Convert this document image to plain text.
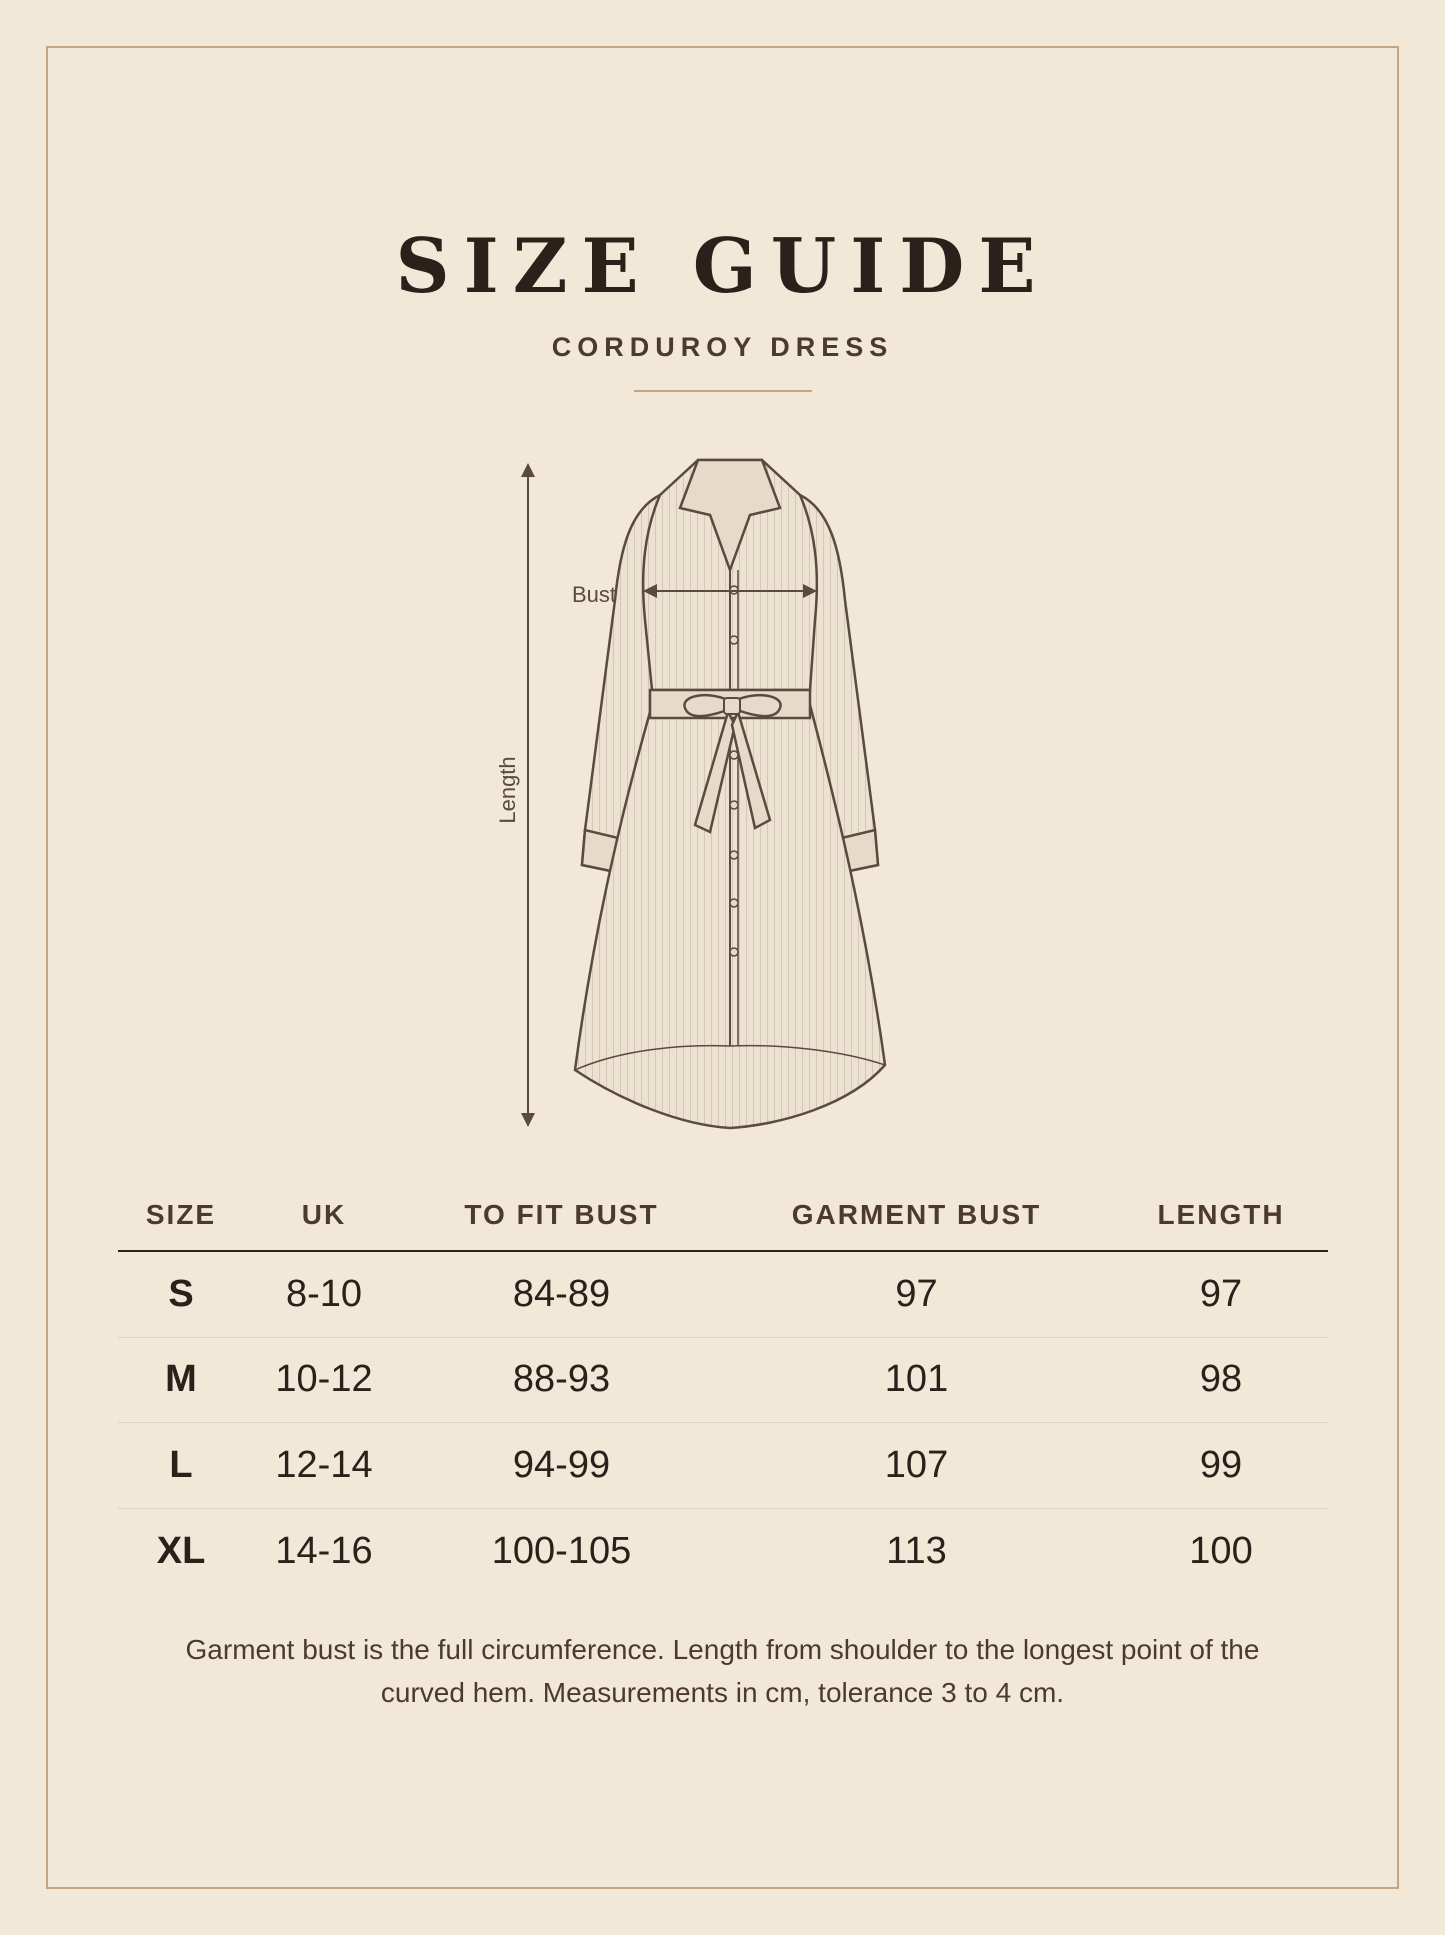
SIZE GUIDE
CORDUROY DRESS
Length
Bust
SIZE	UK	TO FIT BUST	GARMENT BUST	LENGTH
S	8-10	84-89	97	97
M	10-12	88-93	101	98
L	12-14	94-99	107	99
XL	14-16	100-105	113	100

Garment bust is the full circumference. Length from shoulder to the longest point of the curved hem. Measurements in cm, tolerance 3 to 4 cm.
